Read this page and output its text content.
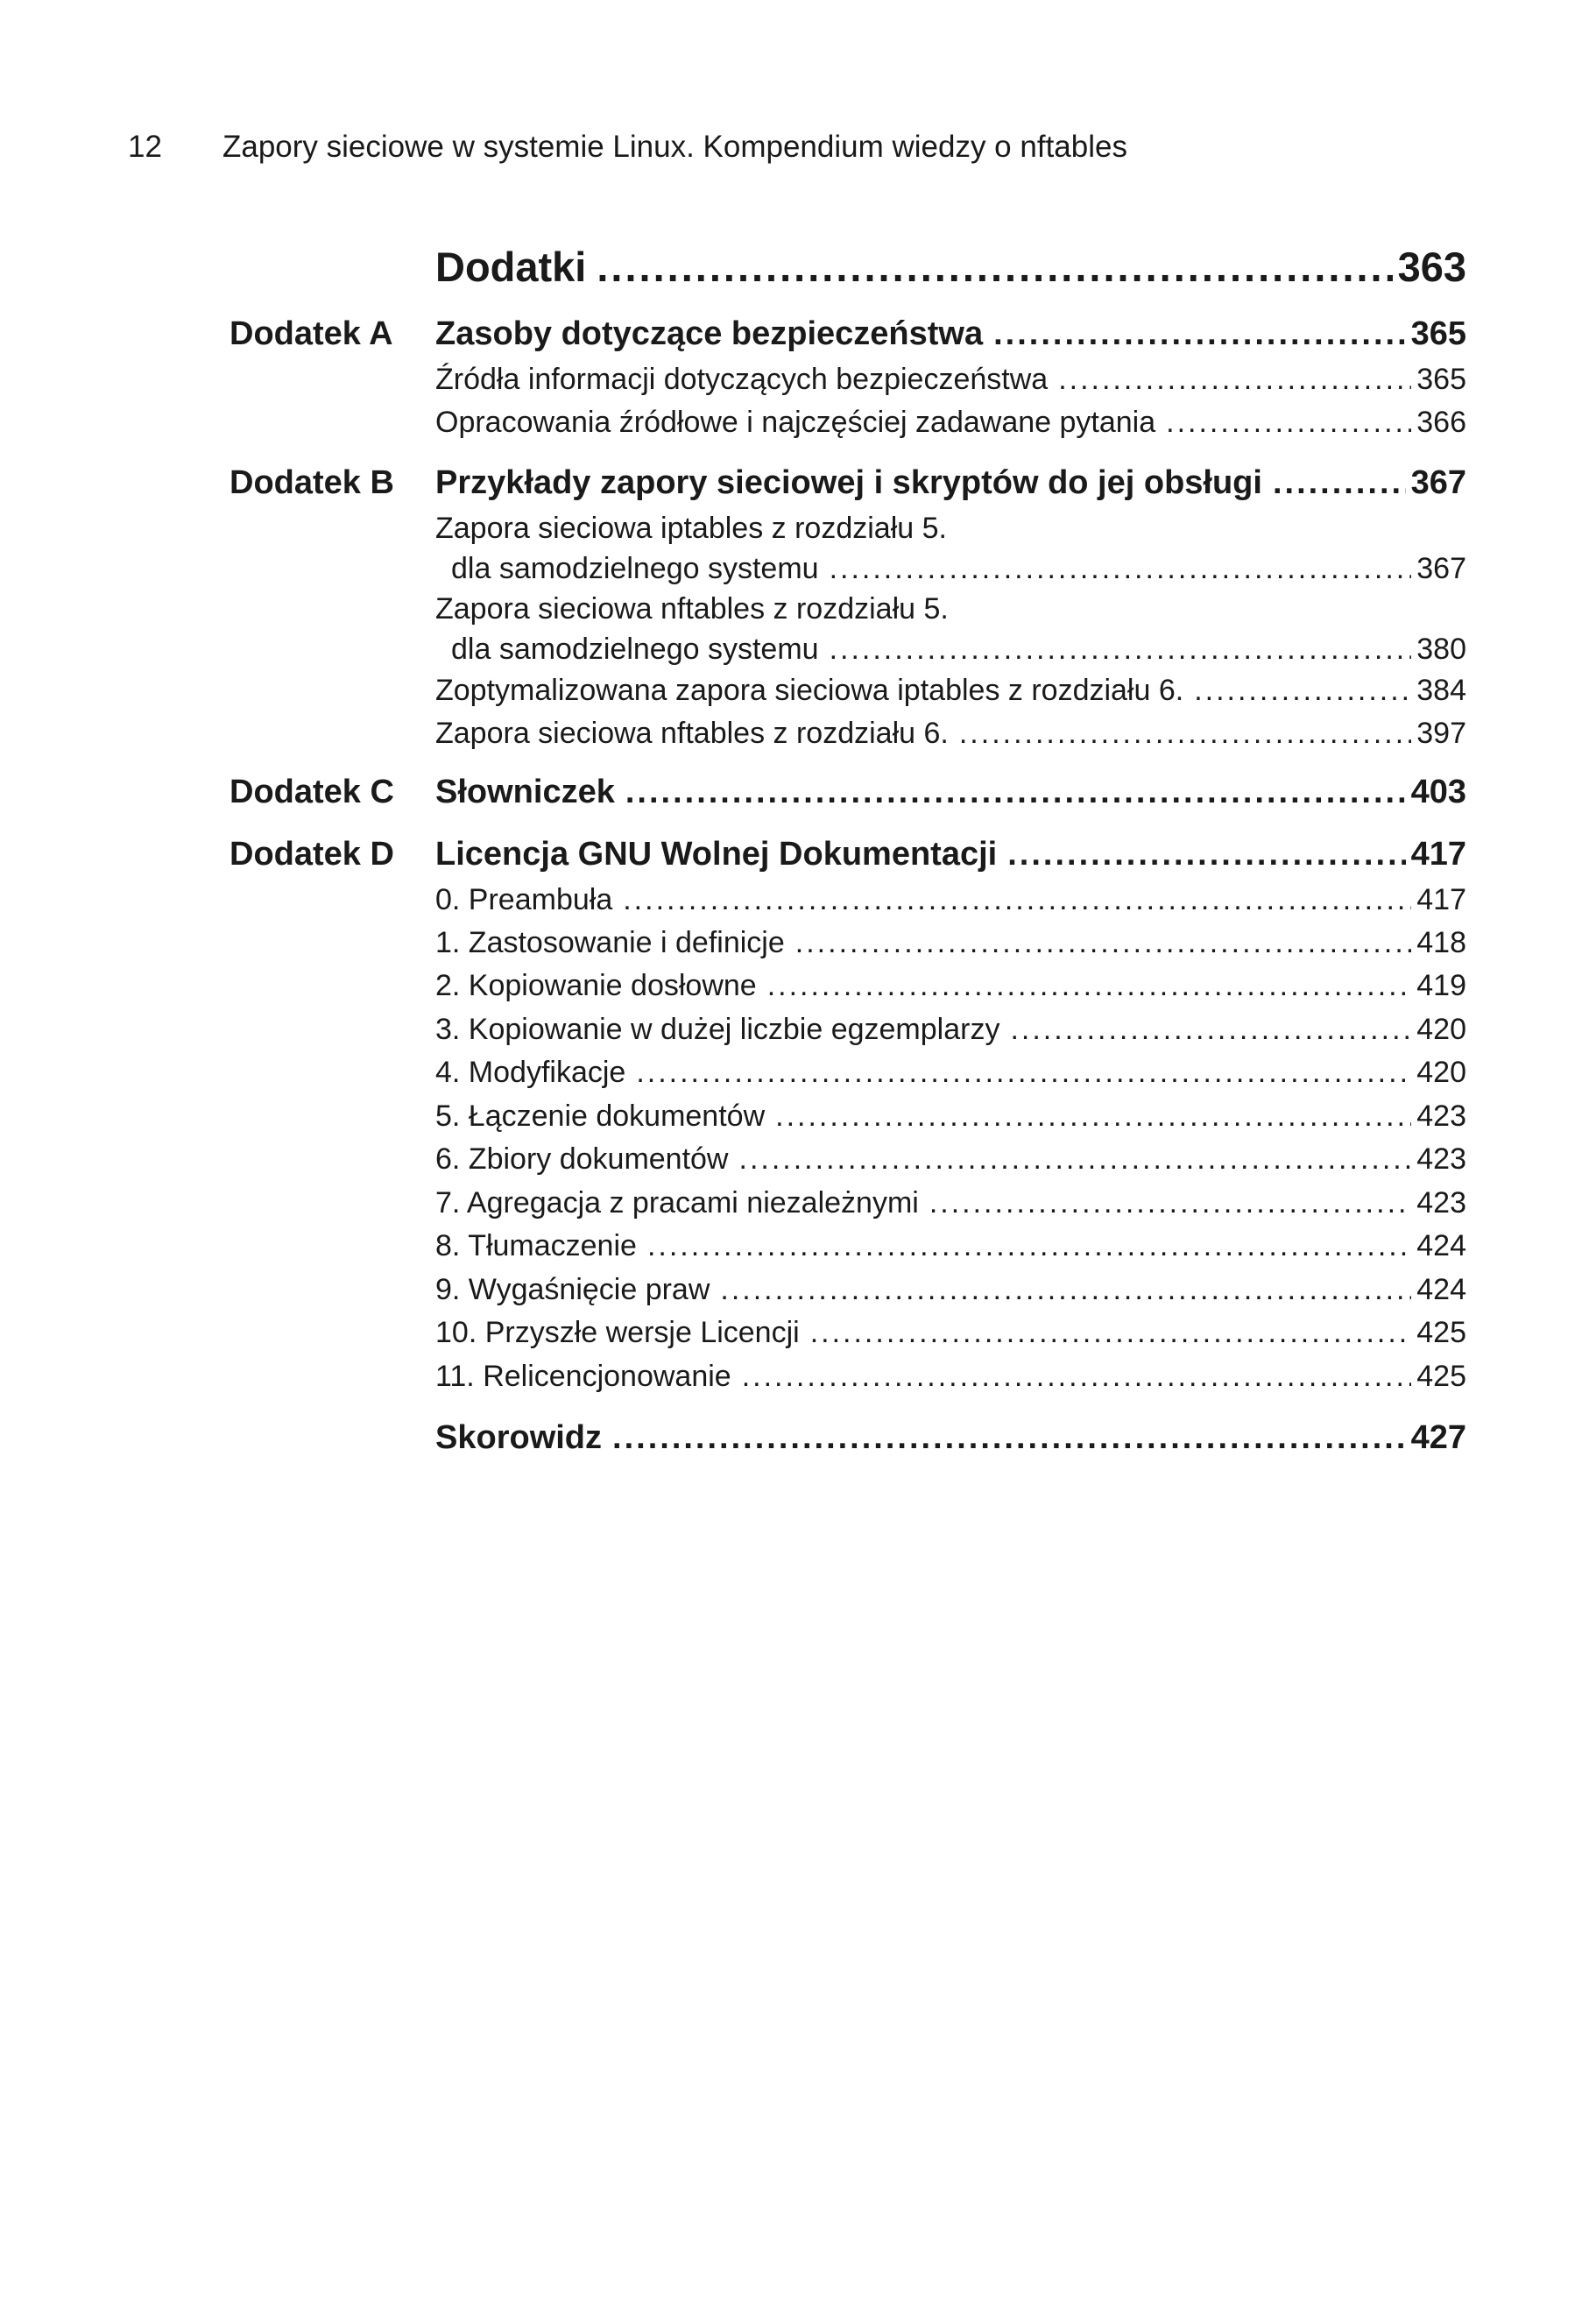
12 Zapory sieciowe w systemie Linux. Kompendium wiedzy o nftables
Dodatki .....	363
Dodatek A Zasoby dotyczące bezpieczeństwa .....	365
Źródła informacji dotyczących bezpieczeństwa .....	365
Opracowania źródłowe i najczęściej zadawane pytania .....	366
Dodatek B Przykłady zapory sieciowej i skryptów do jej obsługi .....	367
Zapora sieciowa iptables z rozdziału 5.
dla samodzielnego systemu .....	367
Zapora sieciowa nftables z rozdziału 5.
dla samodzielnego systemu .....	380
Zoptymalizowana zapora sieciowa iptables z rozdziału 6. .....	384
Zapora sieciowa nftables z rozdziału 6. .....	397
Dodatek C Słowniczek .....	403
Dodatek D Licencja GNU Wolnej Dokumentacji .....	417
0. Preambuła .....	417
1. Zastosowanie i definicje .....	418
2. Kopiowanie dosłowne .....	419
3. Kopiowanie w dużej liczbie egzemplarzy .....	420
4. Modyfikacje .....	420
5. Łączenie dokumentów .....	423
6. Zbiory dokumentów .....	423
7. Agregacja z pracami niezależnymi .....	423
8. Tłumaczenie .....	424
9. Wygaśnięcie praw .....	424
10. Przyszłe wersje Licencji .....	425
11. Relicencjonowanie .....	425
Skorowidz .....	427
